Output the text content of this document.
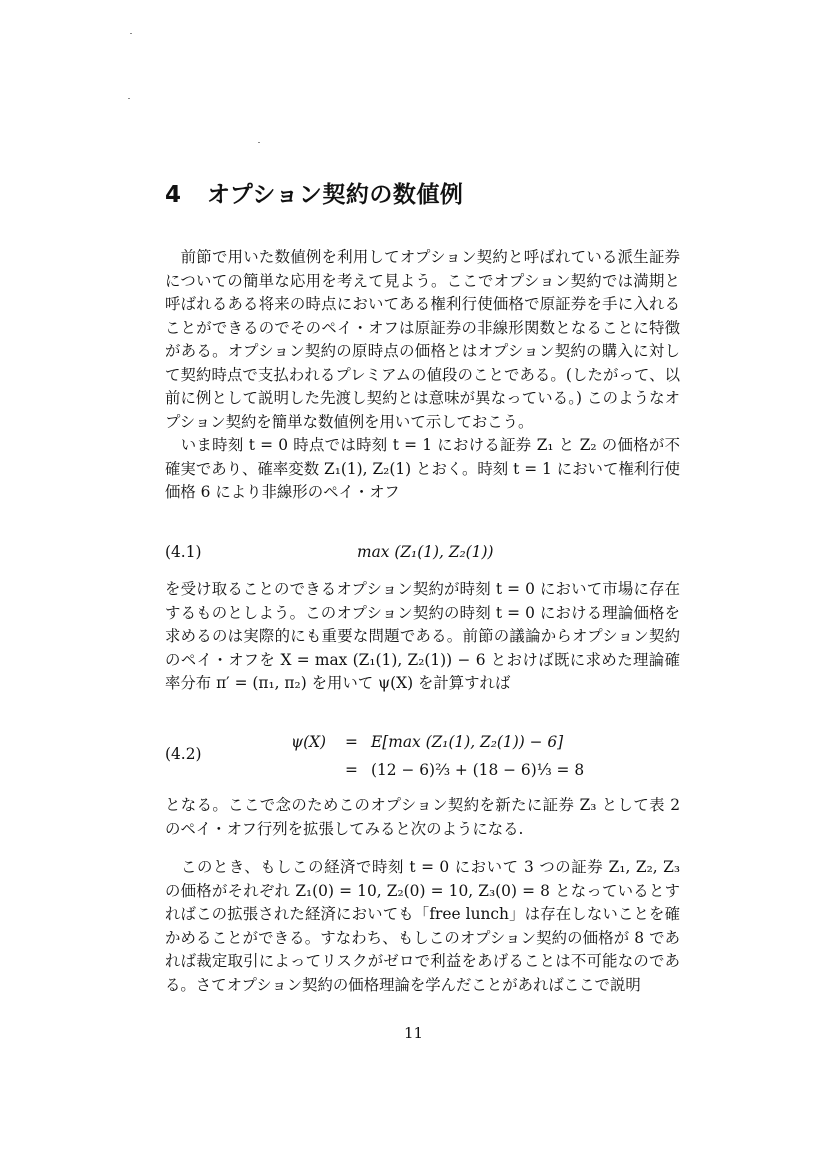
4 オプション契約の数値例

　前節で用いた数値例を利用してオプション契約と呼ばれている派生証券についての簡単な応用を考えて見よう。ここでオプション契約では満期と呼ばれるある将来の時点においてある権利行使価格で原証券を手に入れることができるのでそのペイ・オフは原証券の非線形関数となることに特徴がある。オプション契約の原時点の価格とはオプション契約の購入に対して契約時点で支払われるプレミアムの値段のことである。(したがって、以前に例として説明した先渡し契約とは意味が異なっている。) このようなオプション契約を簡単な数値例を用いて示しておこう。

　いま時刻 t = 0 時点では時刻 t = 1 における証券 Z₁ と Z₂ の価格が不確実であり、確率変数 Z₁(1), Z₂(1) とおく。時刻 t = 1 において権利行使価格 6 により非線形のペイ・オフ

(4.1)	max (Z₁(1), Z₂(1))

を受け取ることのできるオプション契約が時刻 t = 0 において市場に存在するものとしよう。このオプション契約の時刻 t = 0 における理論価格を求めるのは実際的にも重要な問題である。前節の議論からオプション契約のペイ・オフを X = max (Z₁(1), Z₂(1)) − 6 とおけば既に求めた理論確率分布 π′ = (π₁, π₂) を用いて ψ(X) を計算すれば

(4.2)
ψ(X) = E[max (Z₁(1), Z₂(1)) − 6]
= (12 − 6)⅔ + (18 − 6)⅓ = 8

となる。ここで念のためこのオプション契約を新たに証券 Z₃ として表 2 のペイ・オフ行列を拡張してみると次のようになる.

　このとき、もしこの経済で時刻 t = 0 において 3 つの証券 Z₁, Z₂, Z₃ の価格がそれぞれ Z₁(0) = 10, Z₂(0) = 10, Z₃(0) = 8 となっているとすればこの拡張された経済においても「free lunch」は存在しないことを確かめることができる。すなわち、もしこのオプション契約の価格が 8 であれば裁定取引によってリスクがゼロで利益をあげることは不可能なのである。さてオプション契約の価格理論を学んだことがあればここで説明

11
